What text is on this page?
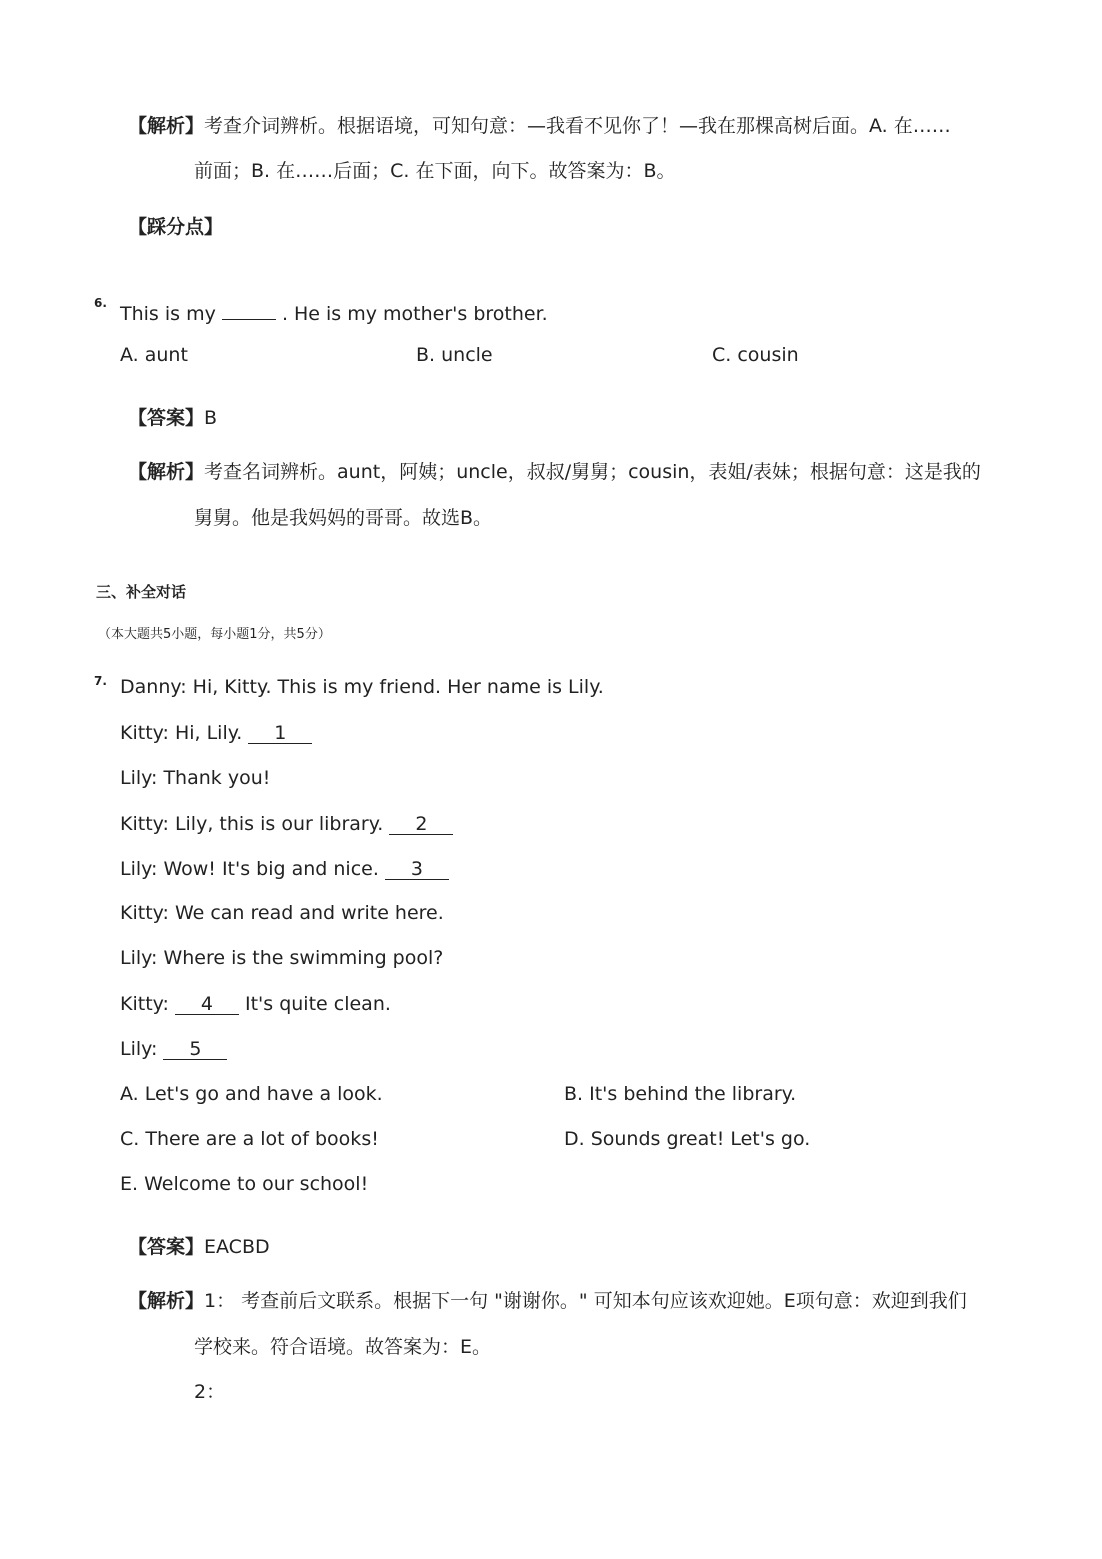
【解析】考查介词辨析。根据语境，可知句意：—我看不见你了！—我在那棵高树后面。A. 在……
前面；B. 在……后面；C. 在下面，向下。故答案为：B。
【踩分点】
6. This is my	. He is my mother's brother.
A. aunt	B. uncle	C. cousin
【答案】B
【解析】考查名词辨析。aunt，阿姨；uncle，叔叔/舅舅；cousin，表姐/表妹；根据句意：这是我的
舅舅。他是我妈妈的哥哥。故选B。
三、补全对话
（本大题共5小题，每小题1分，共5分）
7. Danny: Hi, Kitty. This is my friend. Her name is Lily.
Kitty: Hi, Lily. 1
Lily: Thank you!
Kitty: Lily, this is our library. 2
Lily: Wow! It's big and nice. 3
Kitty: We can read and write here.
Lily: Where is the swimming pool?
Kitty: 4 It's quite clean.
Lily: 5
A. Let's go and have a look.	B. It's behind the library.
C. There are a lot of books!	D. Sounds great! Let's go.
E. Welcome to our school!
【答案】EACBD
【解析】1： 考查前后文联系。根据下一句 "谢谢你。" 可知本句应该欢迎她。E项句意：欢迎到我们
学校来。符合语境。故答案为：E。
2：
